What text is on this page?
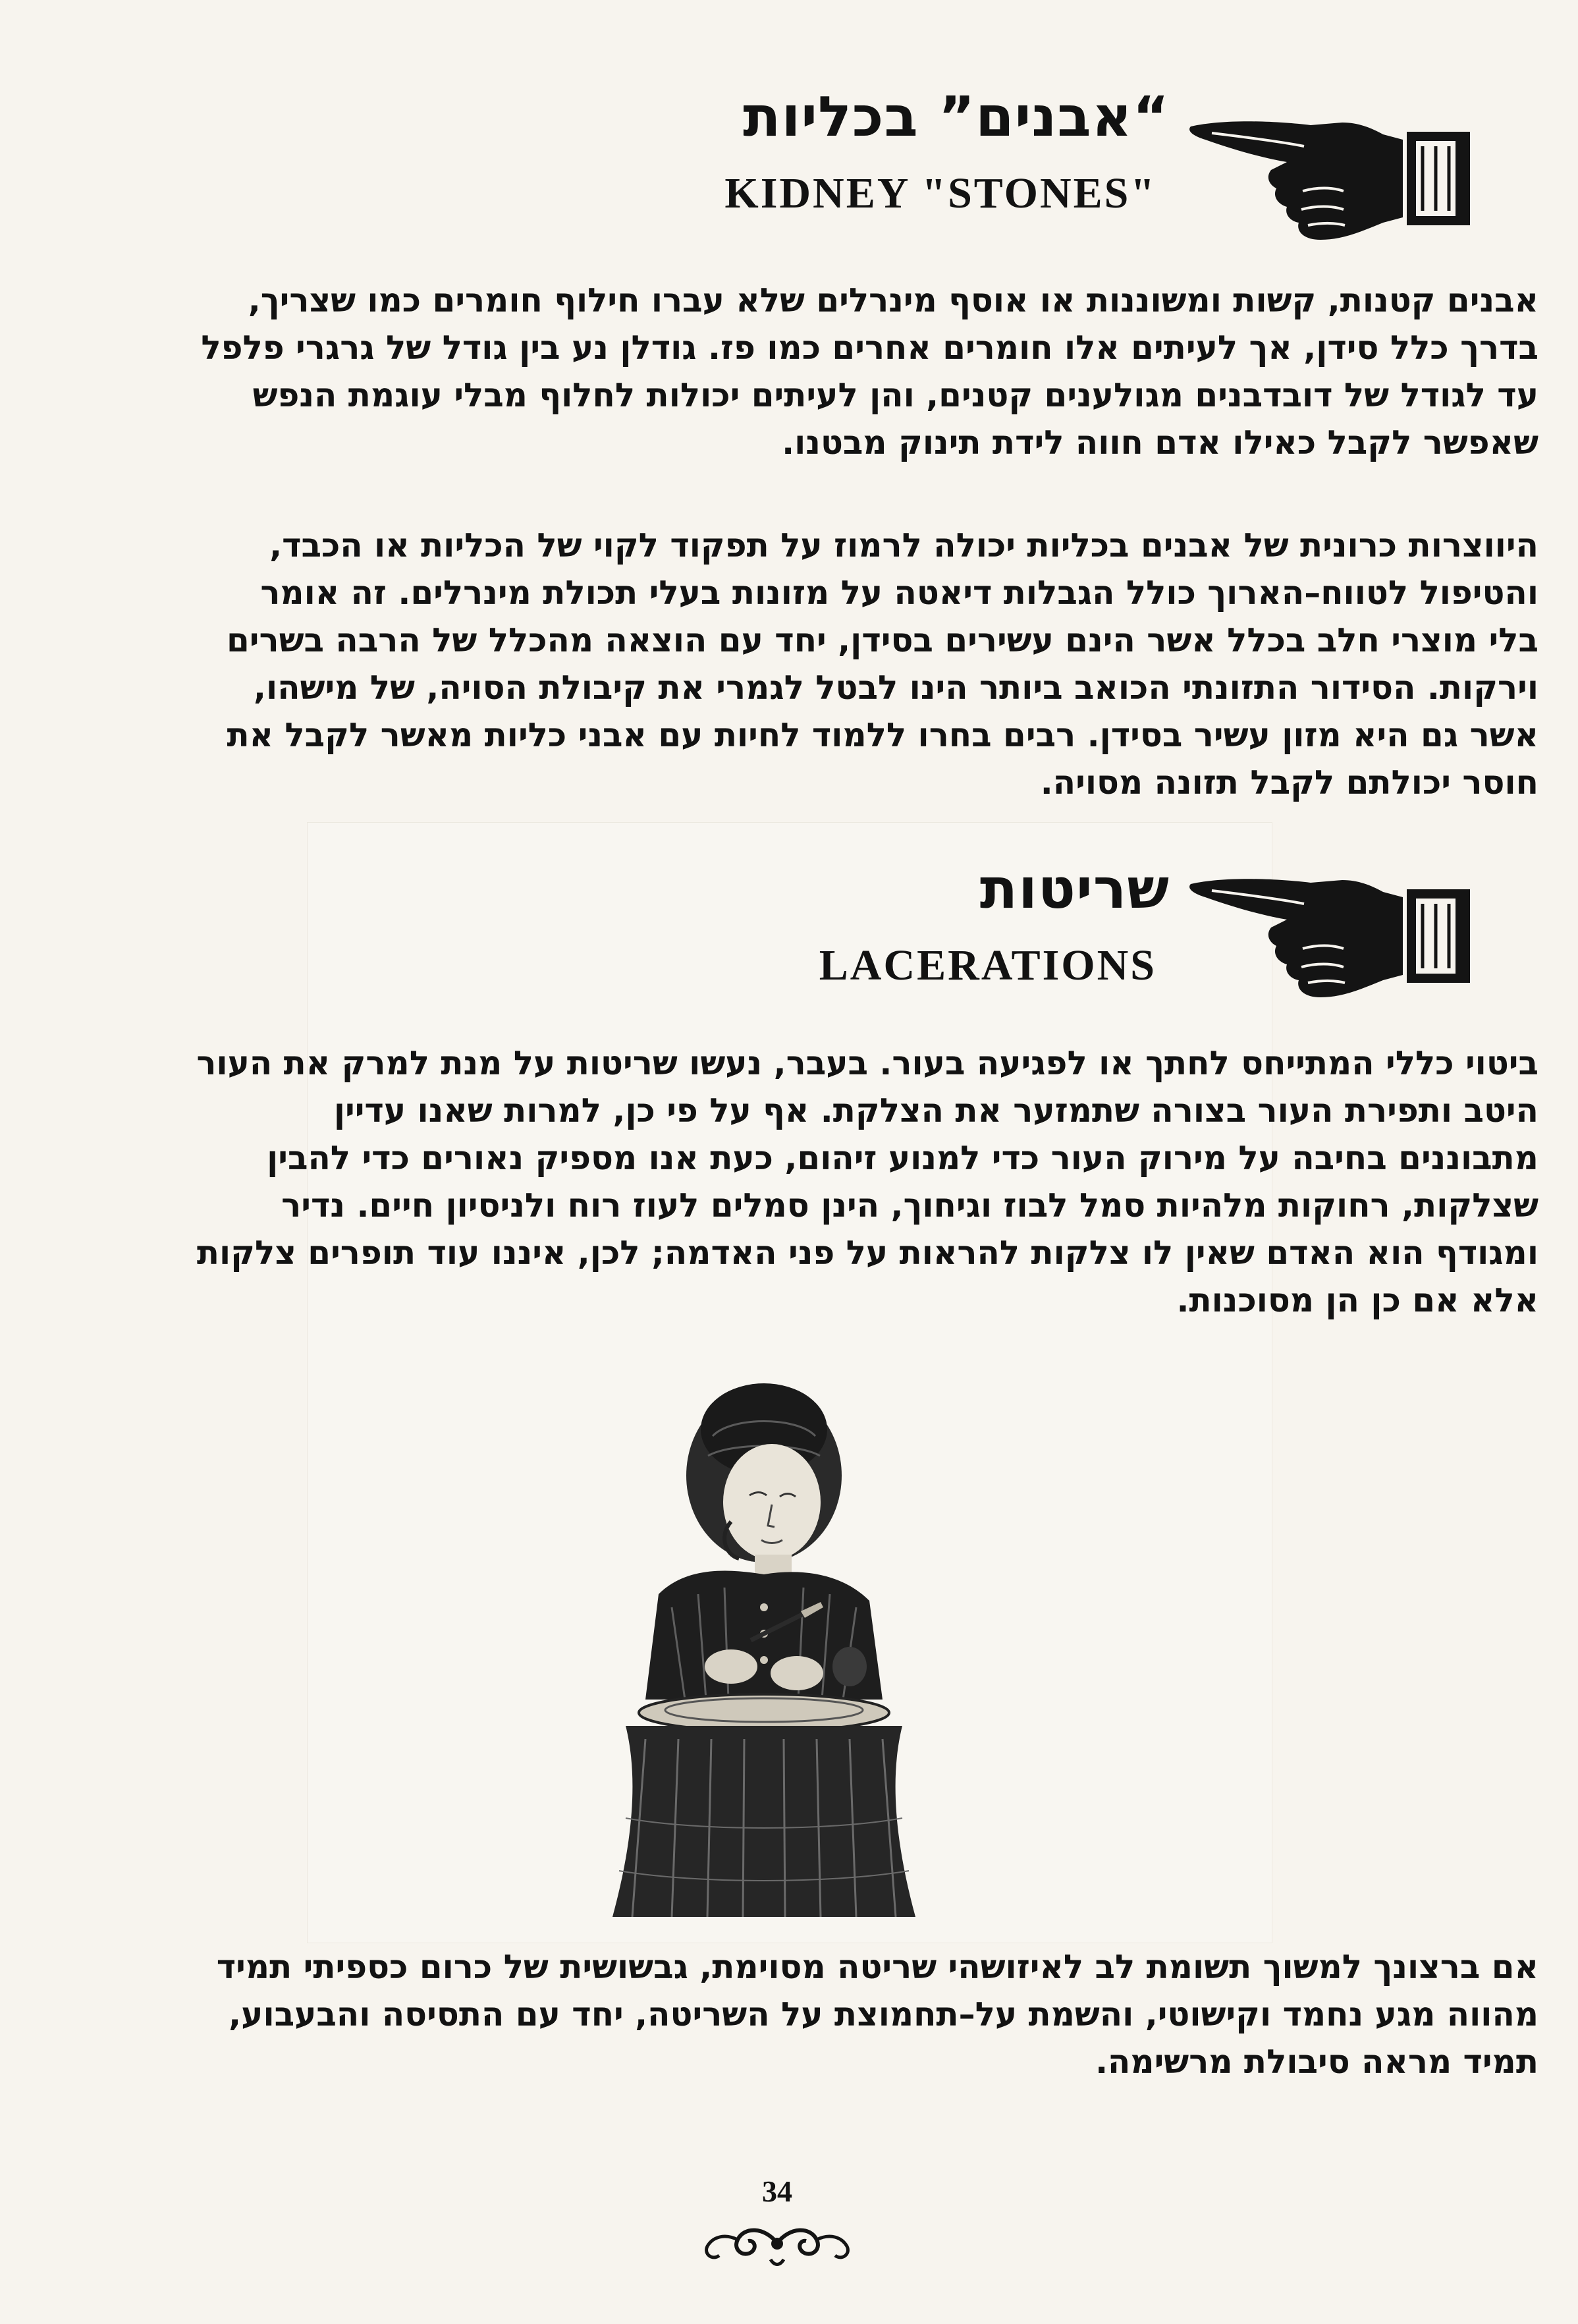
“אבנים” בכליות
KIDNEY "STONES"
אבנים קטנות, קשות ומשוננות או אוסף מינרלים שלא עברו חילוף חומרים כמו שצריך,
בדרך כלל סידן, אך לעיתים אלו חומרים אחרים כמו פז. גודלן נע בין גודל של גרגרי פלפל
עד לגודל של דובדבנים מגולענים קטנים, והן לעיתים יכולות לחלוף מבלי עוגמת הנפש
שאפשר לקבל כאילו אדם חווה לידת תינוק מבטנו.
היווצרות כרונית של אבנים בכליות יכולה לרמוז על תפקוד לקוי של הכליות או הכבד,
והטיפול לטווח–הארוך כולל הגבלות דיאטה על מזונות בעלי תכולת מינרלים. זה אומר
בלי מוצרי חלב בכלל אשר הינם עשירים בסידן, יחד עם הוצאה מהכלל של הרבה בשרים
וירקות. הסידור התזונתי הכואב ביותר הינו לבטל לגמרי את קיבולת הסויה, של מישהו,
אשר גם היא מזון עשיר בסידן. רבים בחרו ללמוד לחיות עם אבני כליות מאשר לקבל את
חוסר יכולתם לקבל תזונה מסויה.
שריטות
LACERATIONS
ביטוי כללי המתייחס לחתך או לפגיעה בעור. בעבר, נעשו שריטות על מנת למרק את העור
היטב ותפירת העור בצורה שתמזער את הצלקת. אף על פי כן, למרות שאנו עדיין
מתבוננים בחיבה על מירוק העור כדי למנוע זיהום, כעת אנו מספיק נאורים כדי להבין
שצלקות, רחוקות מלהיות סמל לבוז וגיחוך, הינן סמלים לעוז רוח ולניסיון חיים. נדיר
ומגודף הוא האדם שאין לו צלקות להראות על פני האדמה; לכן, איננו עוד תופרים צלקות
אלא אם כן הן מסוכנות.
אם ברצונך למשוך תשומת לב לאיזושהי שריטה מסוימת, גבשושית של כרום כספיתי תמיד
מהווה מגע נחמד וקישוטי, והשמת על–תחמוצת על השריטה, יחד עם התסיסה והבעבוע,
תמיד מראה סיבולת מרשימה.
34
